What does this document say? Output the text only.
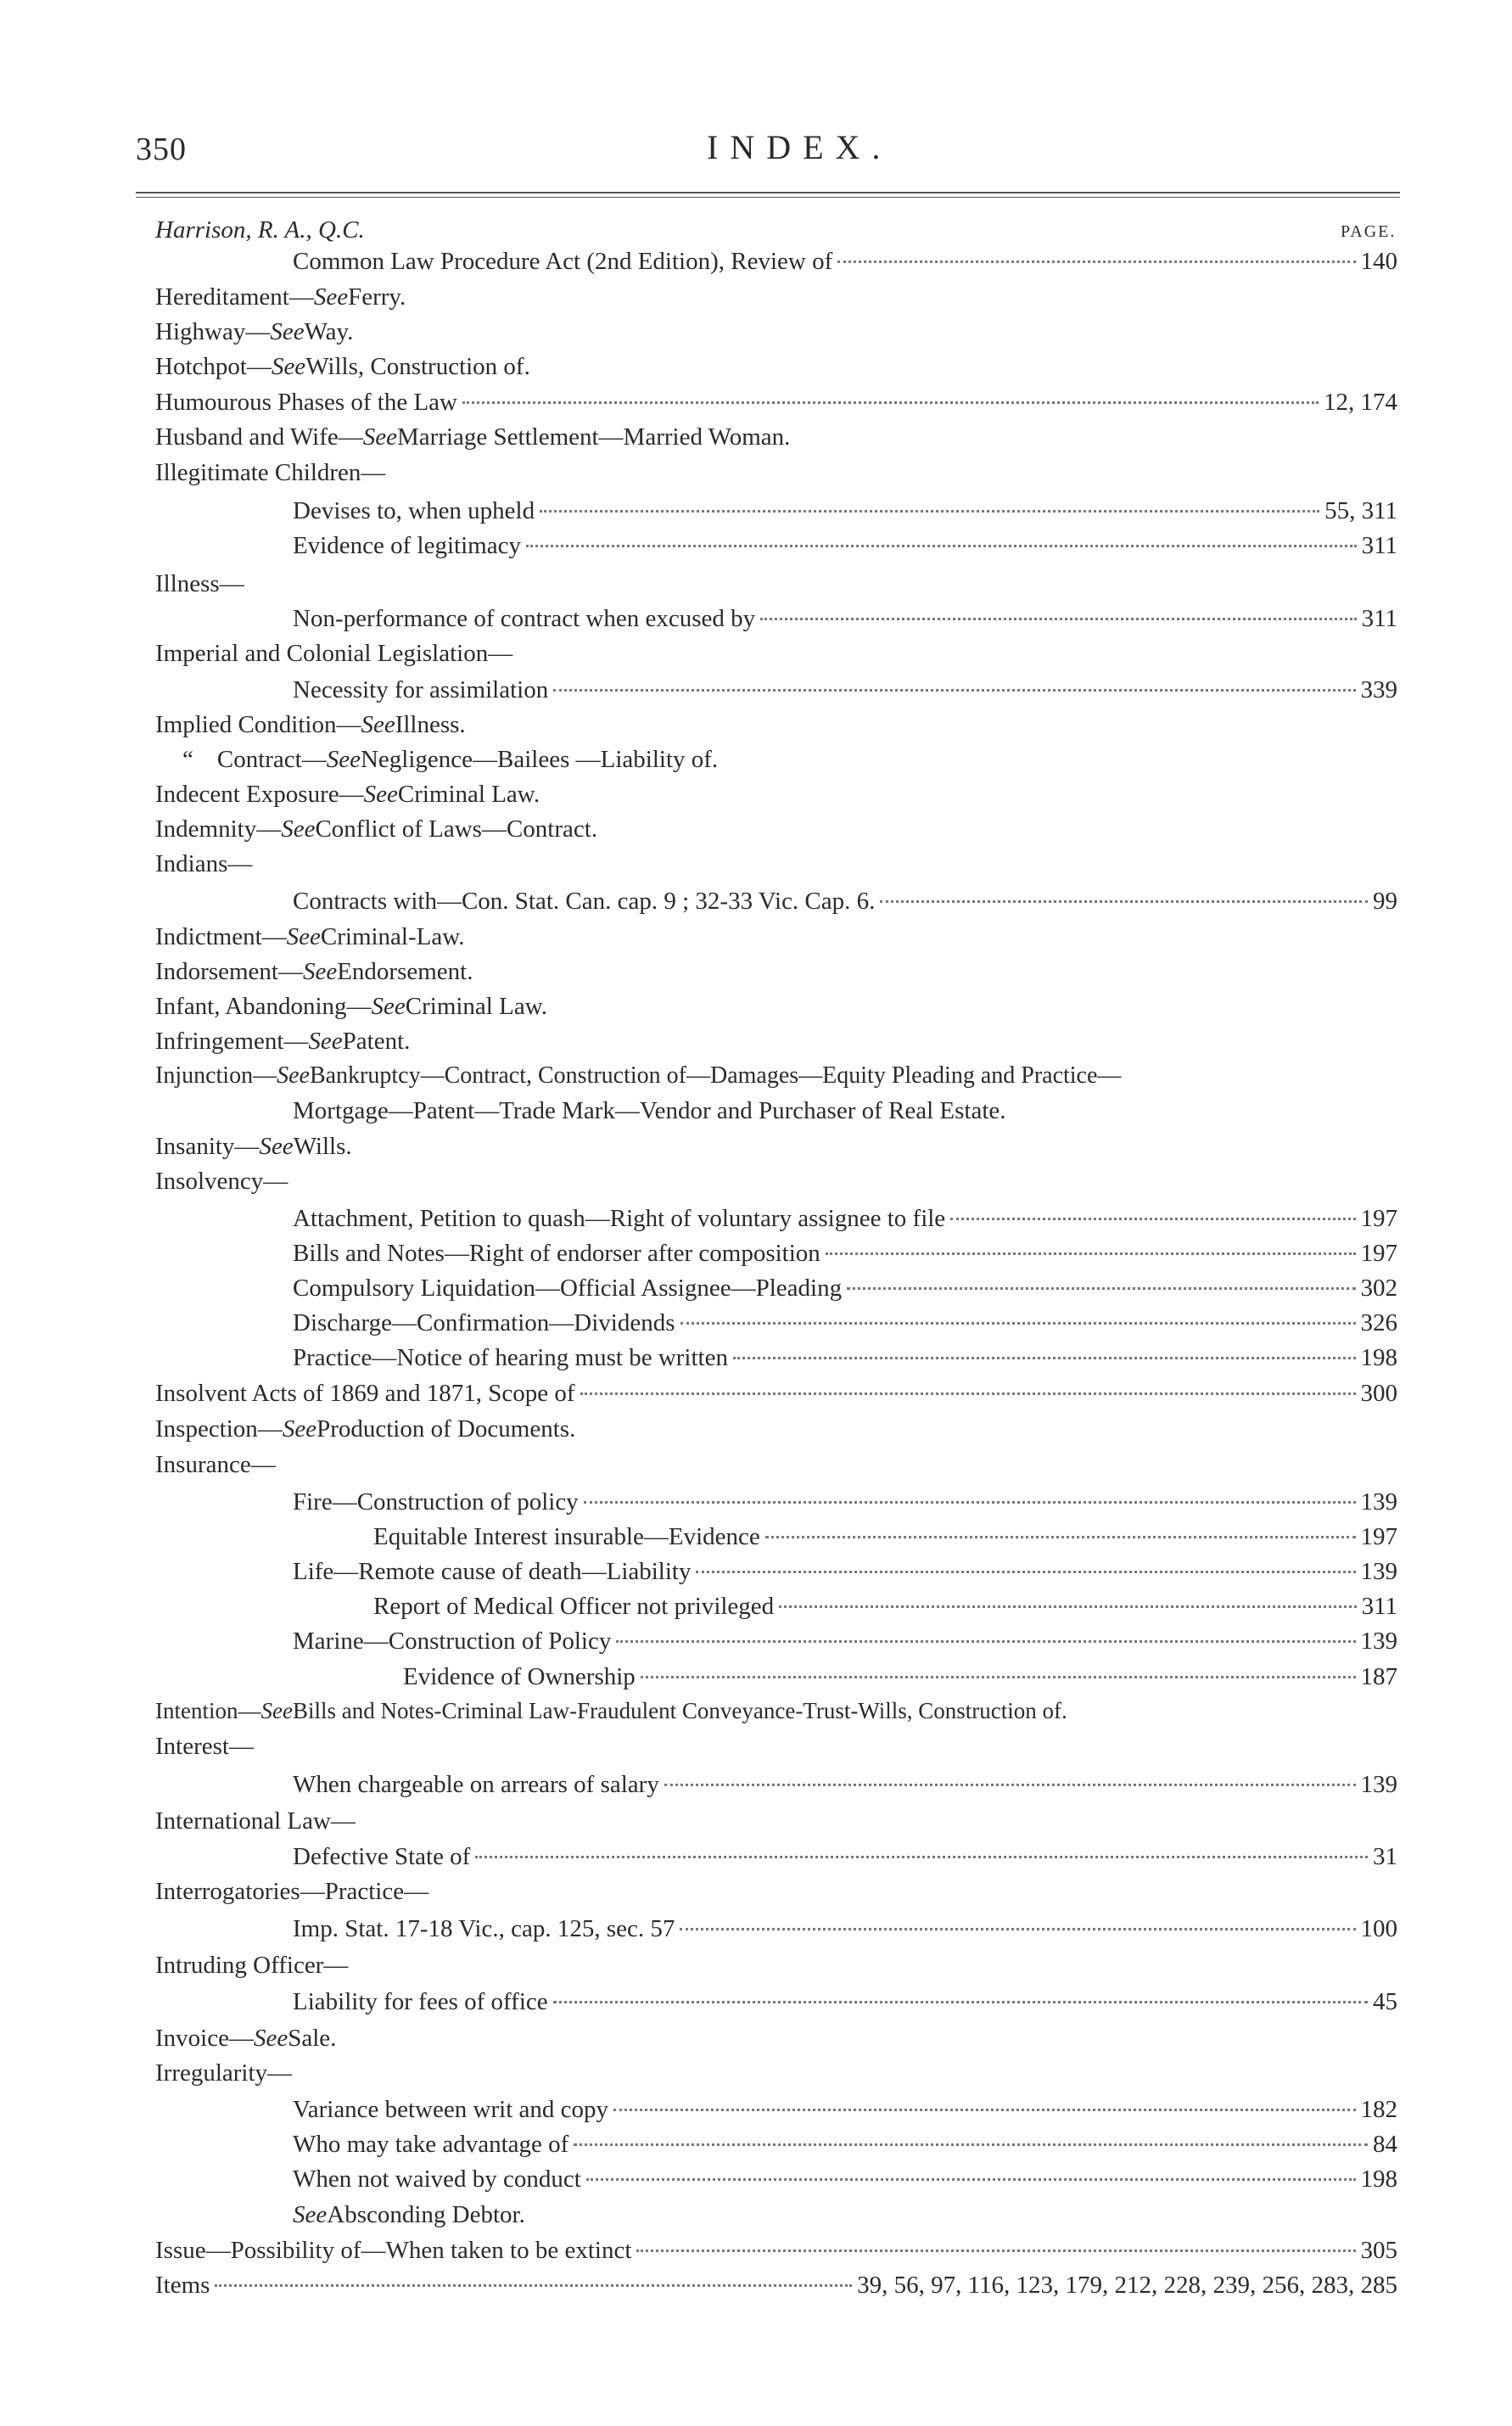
350	INDEX.
PAGE.
Harrison, R. A., Q.C.
Common Law Procedure Act (2nd Edition), Review of	140
Hereditament— See Ferry.
Highway— See Way.
Hotchpot— See Wills, Construction of.
Humourous Phases of the Law	12, 174
Husband and Wife— See Marriage Settlement—Married Woman.
Illegitimate Children—
Devises to, when upheld	55, 311
Evidence of legitimacy	311
Illness—
Non-performance of contract when excused by	311
Imperial and Colonial Legislation—
Necessity for assimilation	339
Implied Condition— See Illness.
“ Contract— See Negligence—Bailees —Liability of.
Indecent Exposure— See Criminal Law.
Indemnity— See Conflict of Laws—Contract.
Indians—
Contracts with—Con. Stat. Can. cap. 9 ; 32-33 Vic. Cap. 6.	99
Indictment— See Criminal-Law.
Indorsement— See Endorsement.
Infant, Abandoning— See Criminal Law.
Infringement— See Patent.
Injunction— See Bankruptcy—Contract, Construction of—Damages—Equity Pleading and Practice—
Mortgage—Patent—Trade Mark—Vendor and Purchaser of Real Estate.
Insanity— See Wills.
Insolvency—
Attachment, Petition to quash—Right of voluntary assignee to file	197
Bills and Notes—Right of endorser after composition	197
Compulsory Liquidation—Official Assignee—Pleading	302
Discharge—Confirmation—Dividends	326
Practice—Notice of hearing must be written	198
Insolvent Acts of 1869 and 1871, Scope of	300
Inspection— See Production of Documents.
Insurance—
Fire—Construction of policy	139
Equitable Interest insurable—Evidence	197
Life—Remote cause of death—Liability	139
Report of Medical Officer not privileged	311
Marine—Construction of Policy	139
Evidence of Ownership	187
Intention— See Bills and Notes-Criminal Law-Fraudulent Conveyance-Trust-Wills, Construction of.
Interest—
When chargeable on arrears of salary	139
International Law—
Defective State of	31
Interrogatories—Practice—
Imp. Stat. 17-18 Vic., cap. 125, sec. 57	100
Intruding Officer—
Liability for fees of office	45
Invoice— See Sale.
Irregularity—
Variance between writ and copy	182
Who may take advantage of	84
When not waived by conduct	198
See Absconding Debtor.
Issue—Possibility of—When taken to be extinct	305
Items	39, 56, 97, 116, 123, 179, 212, 228, 239, 256, 283, 285
